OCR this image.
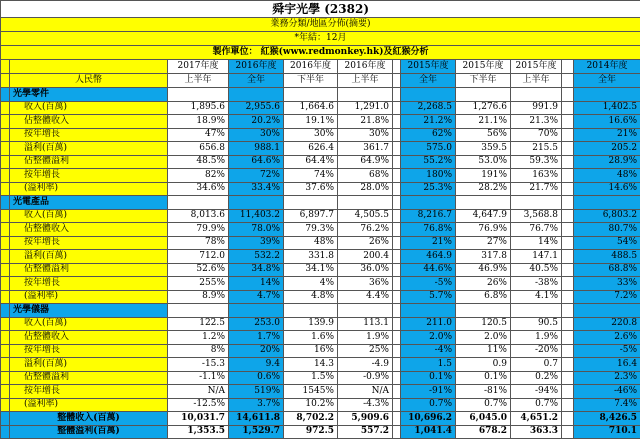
舜宇光學 (2382)											
業務分類/地區分佈(摘要)											
*年結：12月											
製作單位： 紅猴(www.redmonkey.hk)及紅猴分析											
		2017年度	2016年度	2016年度	2016年度		2015年度	2015年度	2015年度		2014年度
	人民幣	上半年	全年	下半年	上半年		全年	下半年	上半年		全年
	光學零件										
	收入(百萬)	1,895.6	2,955.6	1,664.6	1,291.0		2,268.5	1,276.6	991.9		1,402.5
	佔整體收入	18.9%	20.2%	19.1%	21.8%		21.2%	21.1%	21.3%		16.6%
	按年增長	47%	30%	30%	30%		62%	56%	70%		21%
	溢利(百萬)	656.8	988.1	626.4	361.7		575.0	359.5	215.5		205.2
	佔整體溢利	48.5%	64.6%	64.4%	64.9%		55.2%	53.0%	59.3%		28.9%
	按年增長	82%	72%	74%	68%		180%	191%	163%		48%
	(溢利率)	34.6%	33.4%	37.6%	28.0%		25.3%	28.2%	21.7%		14.6%
	光電產品										
	收入(百萬)	8,013.6	11,403.2	6,897.7	4,505.5		8,216.7	4,647.9	3,568.8		6,803.2
	佔整體收入	79.9%	78.0%	79.3%	76.2%		76.8%	76.9%	76.7%		80.7%
	按年增長	78%	39%	48%	26%		21%	27%	14%		54%
	溢利(百萬)	712.0	532.2	331.8	200.4		464.9	317.8	147.1		488.5
	佔整體溢利	52.6%	34.8%	34.1%	36.0%		44.6%	46.9%	40.5%		68.8%
	按年增長	255%	14%	4%	36%		-5%	26%	-38%		33%
	(溢利率)	8.9%	4.7%	4.8%	4.4%		5.7%	6.8%	4.1%		7.2%
	光學儀器										
	收入(百萬)	122.5	253.0	139.9	113.1		211.0	120.5	90.5		220.8
	佔整體收入	1.2%	1.7%	1.6%	1.9%		2.0%	2.0%	1.9%		2.6%
	按年增長	8%	20%	16%	25%		-4%	11%	-20%		-5%
	溢利(百萬)	-15.3	9.4	14.3	-4.9		1.5	0.9	0.7		16.4
	佔整體溢利	-1.1%	0.6%	1.5%	-0.9%		0.1%	0.1%	0.2%		2.3%
	按年增長	N/A	519%	1545%	N/A		-91%	-81%	-94%		-46%
	(溢利率)	-12.5%	3.7%	10.2%	-4.3%		0.7%	0.7%	0.7%		7.4%
	整體收入(百萬)	10,031.7	14,611.8	8,702.2	5,909.6		10,696.2	6,045.0	4,651.2		8,426.5
	整體溢利(百萬)	1,353.5	1,529.7	972.5	557.2		1,041.4	678.2	363.3		710.1
